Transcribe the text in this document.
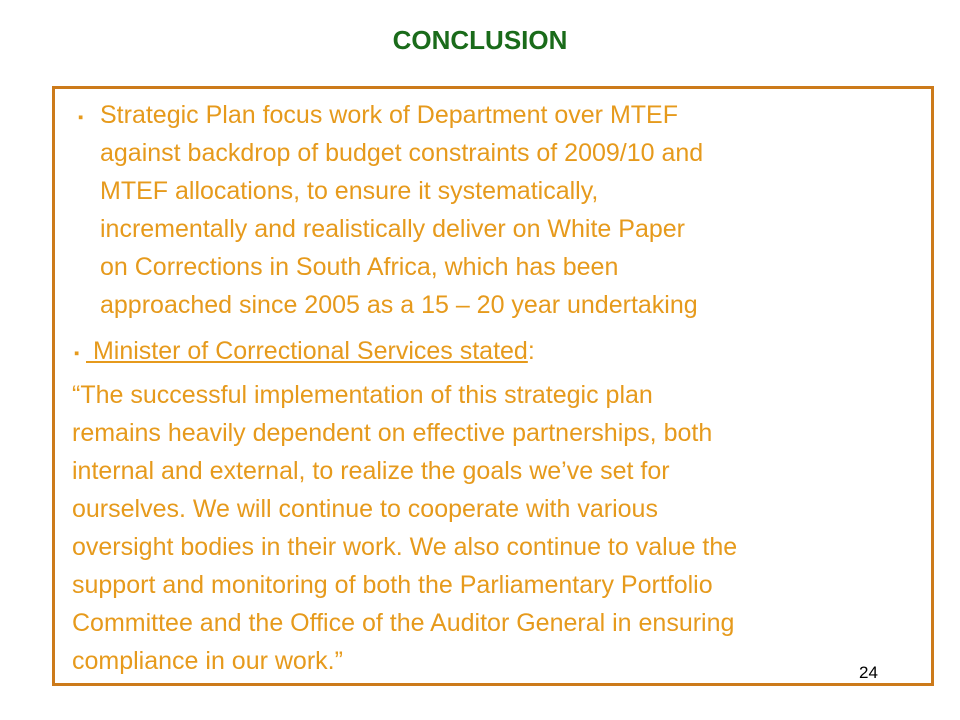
CONCLUSION
▪ Strategic Plan focus work of Department over MTEF

against backdrop of budget constraints of 2009/10 and

MTEF allocations, to ensure it systematically,

incrementally and realistically deliver on White Paper

on Corrections in South Africa, which has been

approached since 2005 as a 15 – 20 year undertaking

▪ Minister of Correctional Services stated:

“The successful implementation of this strategic plan

remains heavily dependent on effective partnerships, both

internal and external, to realize the goals we’ve set for

ourselves. We will continue to cooperate with various

oversight bodies in their work. We also continue to value the

support and monitoring of both the Parliamentary Portfolio

Committee and the Office of the Auditor General in ensuring

compliance in our work.”	24
